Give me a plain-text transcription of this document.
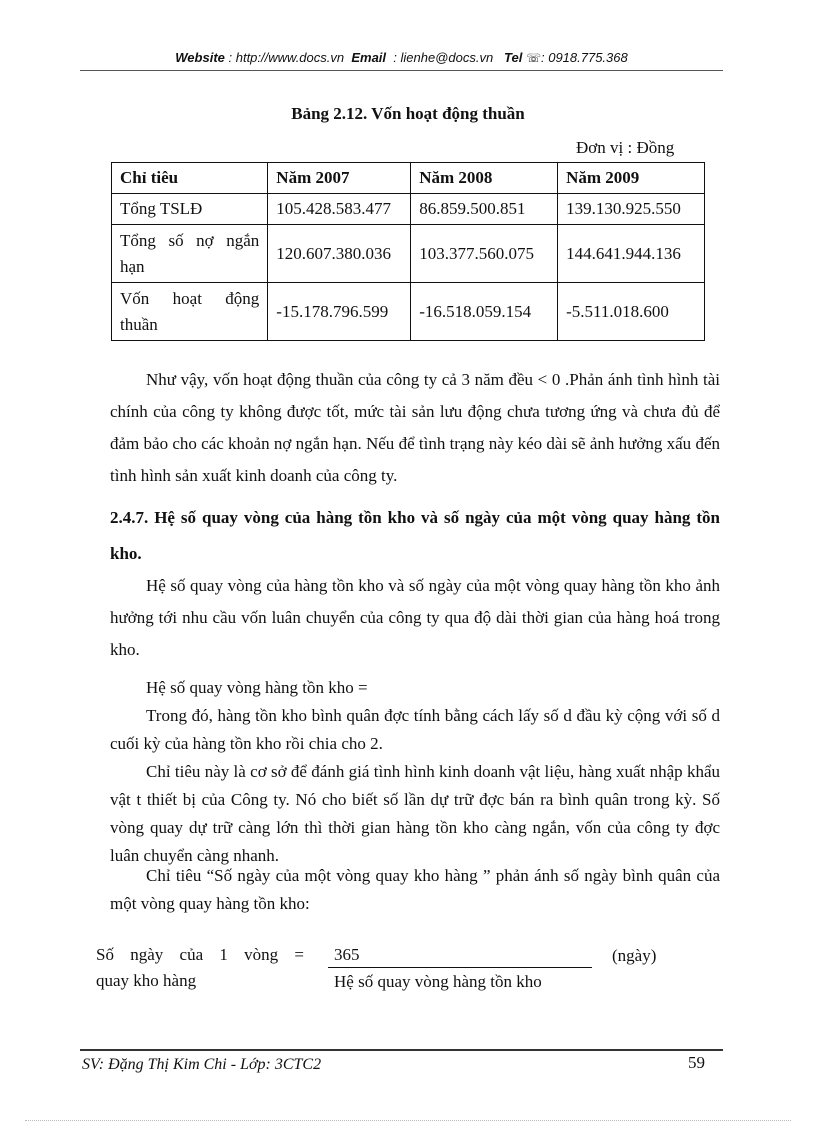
Website : http://www.docs.vn Email : lienhe@docs.vn Tel ☏: 0918.775.368
Bảng 2.12. Vốn hoạt động thuần
Đơn vị : Đồng
Chỉ tiêu	Năm 2007	Năm 2008	Năm 2009
Tổng TSLĐ	105.428.583.477	86.859.500.851	139.130.925.550
Tổng số nợ ngắn hạn	120.607.380.036	103.377.560.075	144.641.944.136
Vốn hoạt động thuần	-15.178.796.599	-16.518.059.154	-5.511.018.600
Như vậy, vốn hoạt động thuần của công ty cả 3 năm đều < 0 .Phản ánh tình hình tài chính của công ty không được tốt, mức tài sản lưu động chưa tương ứng và chưa đủ để đảm bảo cho các khoản nợ ngắn hạn. Nếu để tình trạng này kéo dài sẽ ảnh hưởng xấu đến tình hình sản xuất kinh doanh của công ty.
2.4.7. Hệ số quay vòng của hàng tồn kho và số ngày của một vòng quay hàng tồn kho.
Hệ số quay vòng của hàng tồn kho và số ngày của một vòng quay hàng tồn kho ảnh hưởng tới nhu cầu vốn luân chuyển của công ty qua độ dài thời gian của hàng hoá trong kho.
Hệ số quay vòng hàng tồn kho =
Trong đó, hàng tồn kho bình quân đợc tính bằng cách lấy số d đầu kỳ cộng với số d cuối kỳ của hàng tồn kho rồi chia cho 2.
Chỉ tiêu này là cơ sở để đánh giá tình hình kinh doanh vật liệu, hàng xuất nhập khẩu vật t thiết bị của Công ty. Nó cho biết số lần dự trữ đợc bán ra bình quân trong kỳ. Số vòng quay dự trữ càng lớn thì thời gian hàng tồn kho càng ngắn, vốn của công ty đợc luân chuyển càng nhanh.
Chỉ tiêu “Số ngày của một vòng quay kho hàng ” phản ánh số ngày bình quân của một vòng quay hàng tồn kho:
Số ngày của 1 vòng =
quay kho hàng
365
Hệ số quay vòng hàng tồn kho
(ngày)
SV: Đặng Thị Kim Chi - Lớp: 3CTC2	59
